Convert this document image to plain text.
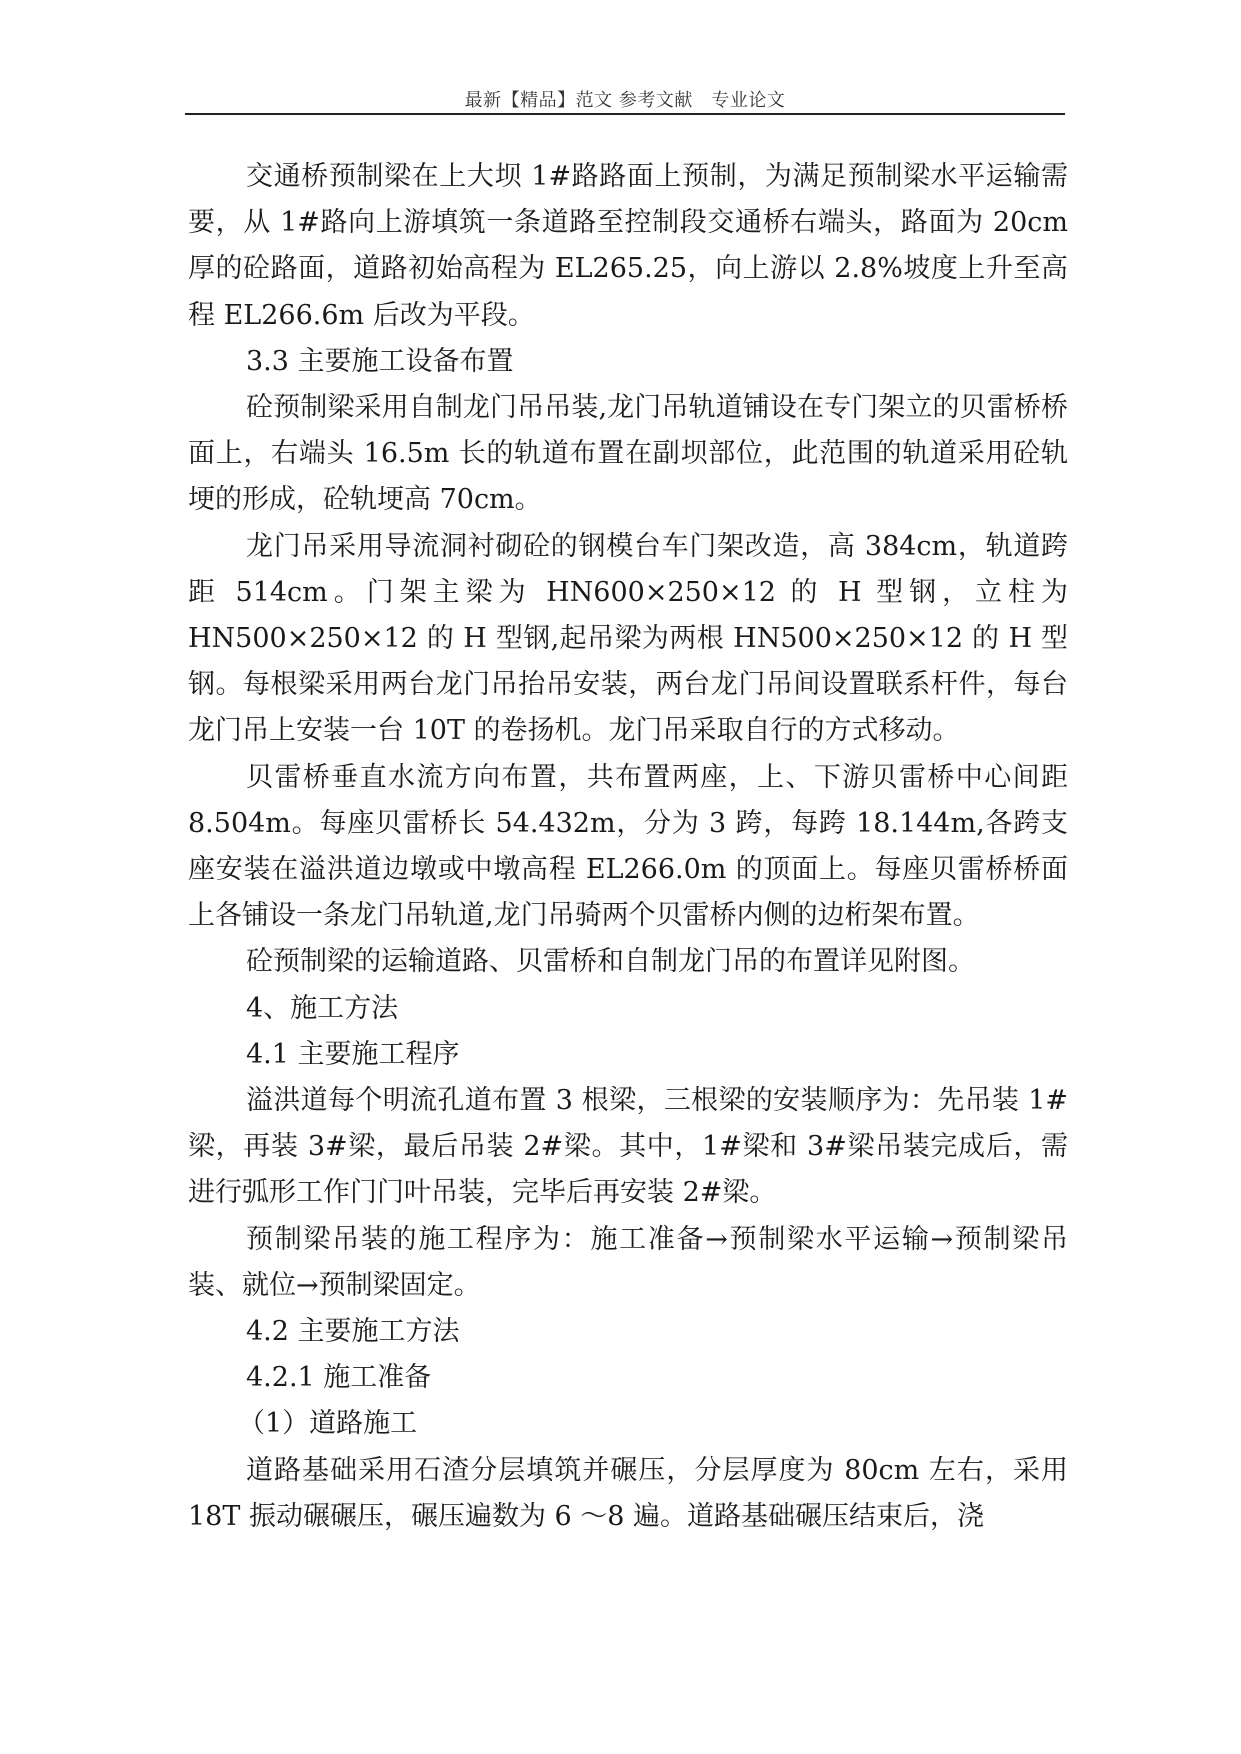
最新【精品】范文 参考文献　专业论文

交通桥预制梁在上大坝 1#路路面上预制，为满足预制梁水平运输需要，从 1#路向上游填筑一条道路至控制段交通桥右端头，路面为 20cm 厚的砼路面，道路初始高程为 EL265.25，向上游以 2.8%坡度上升至高程 EL266.6m 后改为平段。

3.3 主要施工设备布置

砼预制梁采用自制龙门吊吊装,龙门吊轨道铺设在专门架立的贝雷桥桥面上，右端头 16.5m 长的轨道布置在副坝部位，此范围的轨道采用砼轨埂的形成，砼轨埂高 70cm。

龙门吊采用导流洞衬砌砼的钢模台车门架改造，高 384cm，轨道跨距 514cm。门架主梁为 HN600×250×12 的 H 型钢，立柱为 HN500×250×12 的 H 型钢,起吊梁为两根 HN500×250×12 的 H 型钢。每根梁采用两台龙门吊抬吊安装，两台龙门吊间设置联系杆件，每台龙门吊上安装一台 10T 的卷扬机。龙门吊采取自行的方式移动。

贝雷桥垂直水流方向布置，共布置两座，上、下游贝雷桥中心间距 8.504m。每座贝雷桥长 54.432m，分为 3 跨，每跨 18.144m,各跨支座安装在溢洪道边墩或中墩高程 EL266.0m 的顶面上。每座贝雷桥桥面上各铺设一条龙门吊轨道,龙门吊骑两个贝雷桥内侧的边桁架布置。

砼预制梁的运输道路、贝雷桥和自制龙门吊的布置详见附图。

4、施工方法

4.1 主要施工程序

溢洪道每个明流孔道布置 3 根梁，三根梁的安装顺序为：先吊装 1#梁，再装 3#梁，最后吊装 2#梁。其中，1#梁和 3#梁吊装完成后，需进行弧形工作门门叶吊装，完毕后再安装 2#梁。

预制梁吊装的施工程序为：施工准备→预制梁水平运输→预制梁吊装、就位→预制梁固定。

4.2 主要施工方法

4.2.1 施工准备

（1）道路施工

道路基础采用石渣分层填筑并碾压，分层厚度为 80cm 左右，采用 18T 振动碾碾压，碾压遍数为 6 ～8 遍。道路基础碾压结束后，浇
